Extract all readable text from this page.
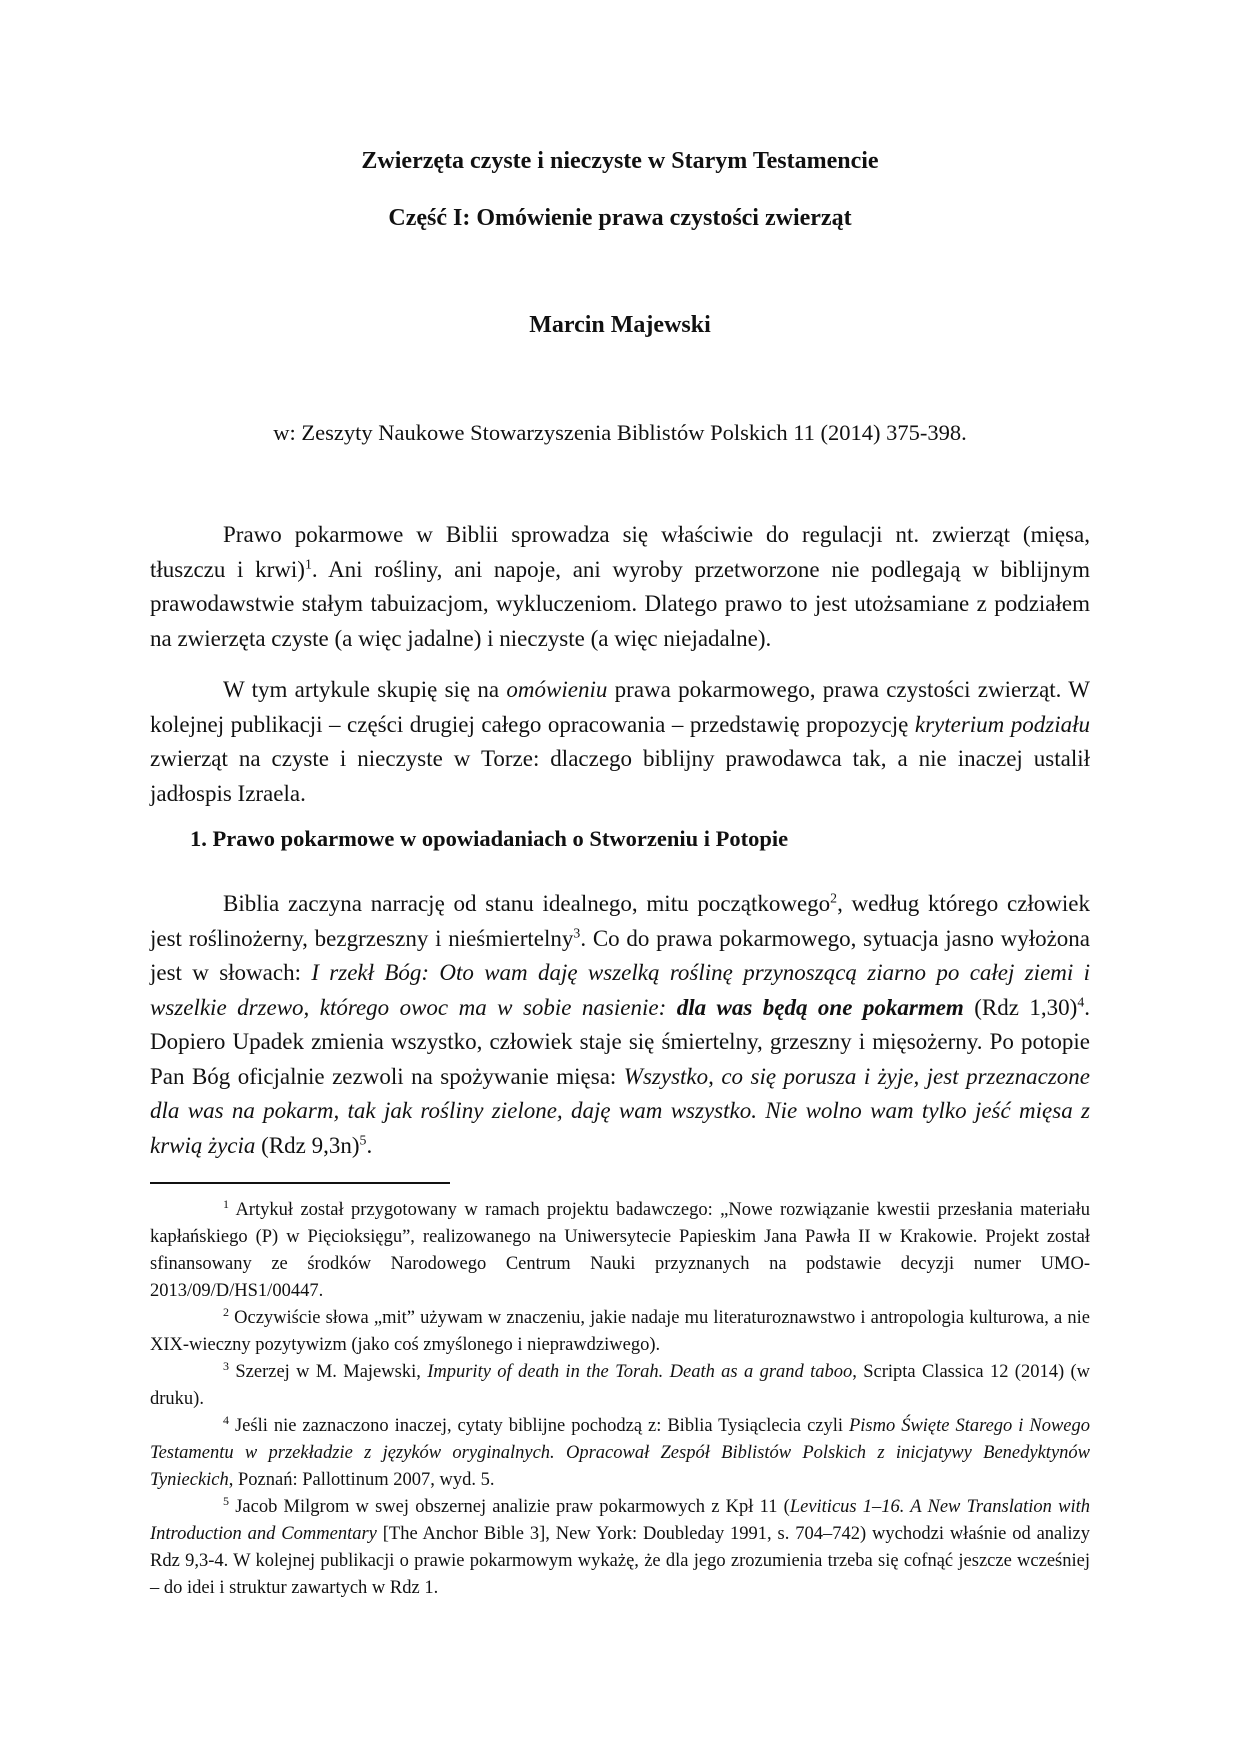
Zwierzęta czyste i nieczyste w Starym Testamencie
Część I: Omówienie prawa czystości zwierząt
Marcin Majewski
w: Zeszyty Naukowe Stowarzyszenia Biblistów Polskich 11 (2014) 375-398.

Prawo pokarmowe w Biblii sprowadza się właściwie do regulacji nt. zwierząt (mięsa, tłuszczu i krwi)$^1$. Ani rośliny, ani napoje, ani wyroby przetworzone nie podlegają w biblijnym prawodawstwie stałym tabuizacjom, wykluczeniom. Dlatego prawo to jest utożsamiane z podziałem na zwierzęta czyste (a więc jadalne) i nieczyste (a więc niejadalne).

W tym artykule skupię się na omówieniu prawa pokarmowego, prawa czystości zwierząt. W kolejnej publikacji – części drugiej całego opracowania – przedstawię propozycję kryterium podziału zwierząt na czyste i nieczyste w Torze: dlaczego biblijny prawodawca tak, a nie inaczej ustalił jadłospis Izraela.

1. Prawo pokarmowe w opowiadaniach o Stworzeniu i Potopie

Biblia zaczyna narrację od stanu idealnego, mitu początkowego$^2$, według którego człowiek jest roślinożerny, bezgrzeszny i nieśmiertelny$^3$. Co do prawa pokarmowego, sytuacja jasno wyłożona jest w słowach: I rzekł Bóg: Oto wam daję wszelką roślinę przynoszącą ziarno po całej ziemi i wszelkie drzewo, którego owoc ma w sobie nasienie: dla was będą one pokarmem (Rdz 1,30)$^4$. Dopiero Upadek zmienia wszystko, człowiek staje się śmiertelny, grzeszny i mięsożerny. Po potopie Pan Bóg oficjalnie zezwoli na spożywanie mięsa: Wszystko, co się porusza i żyje, jest przeznaczone dla was na pokarm, tak jak rośliny zielone, daję wam wszystko. Nie wolno wam tylko jeść mięsa z krwią życia (Rdz 9,3n)$^5$.

$^1$ Artykuł został przygotowany w ramach projektu badawczego: „Nowe rozwiązanie kwestii przesłania materiału kapłańskiego (P) w Pięcioksięgu”, realizowanego na Uniwersytecie Papieskim Jana Pawła II w Krakowie. Projekt został sfinansowany ze środków Narodowego Centrum Nauki przyznanych na podstawie decyzji numer UMO-2013/09/D/HS1/00447.

$^2$ Oczywiście słowa „mit” używam w znaczeniu, jakie nadaje mu literaturoznawstwo i antropologia kulturowa, a nie XIX-wieczny pozytywizm (jako coś zmyślonego i nieprawdziwego).

$^3$ Szerzej w M. Majewski, Impurity of death in the Torah. Death as a grand taboo, Scripta Classica 12 (2014) (w druku).

$^4$ Jeśli nie zaznaczono inaczej, cytaty biblijne pochodzą z: Biblia Tysiąclecia czyli Pismo Święte Starego i Nowego Testamentu w przekładzie z języków oryginalnych. Opracował Zespół Biblistów Polskich z inicjatywy Benedyktynów Tynieckich, Poznań: Pallottinum 2007, wyd. 5.

$^5$ Jacob Milgrom w swej obszernej analizie praw pokarmowych z Kpł 11 (Leviticus 1–16. A New Translation with Introduction and Commentary [The Anchor Bible 3], New York: Doubleday 1991, s. 704–742) wychodzi właśnie od analizy Rdz 9,3-4. W kolejnej publikacji o prawie pokarmowym wykażę, że dla jego zrozumienia trzeba się cofnąć jeszcze wcześniej – do idei i struktur zawartych w Rdz 1.
